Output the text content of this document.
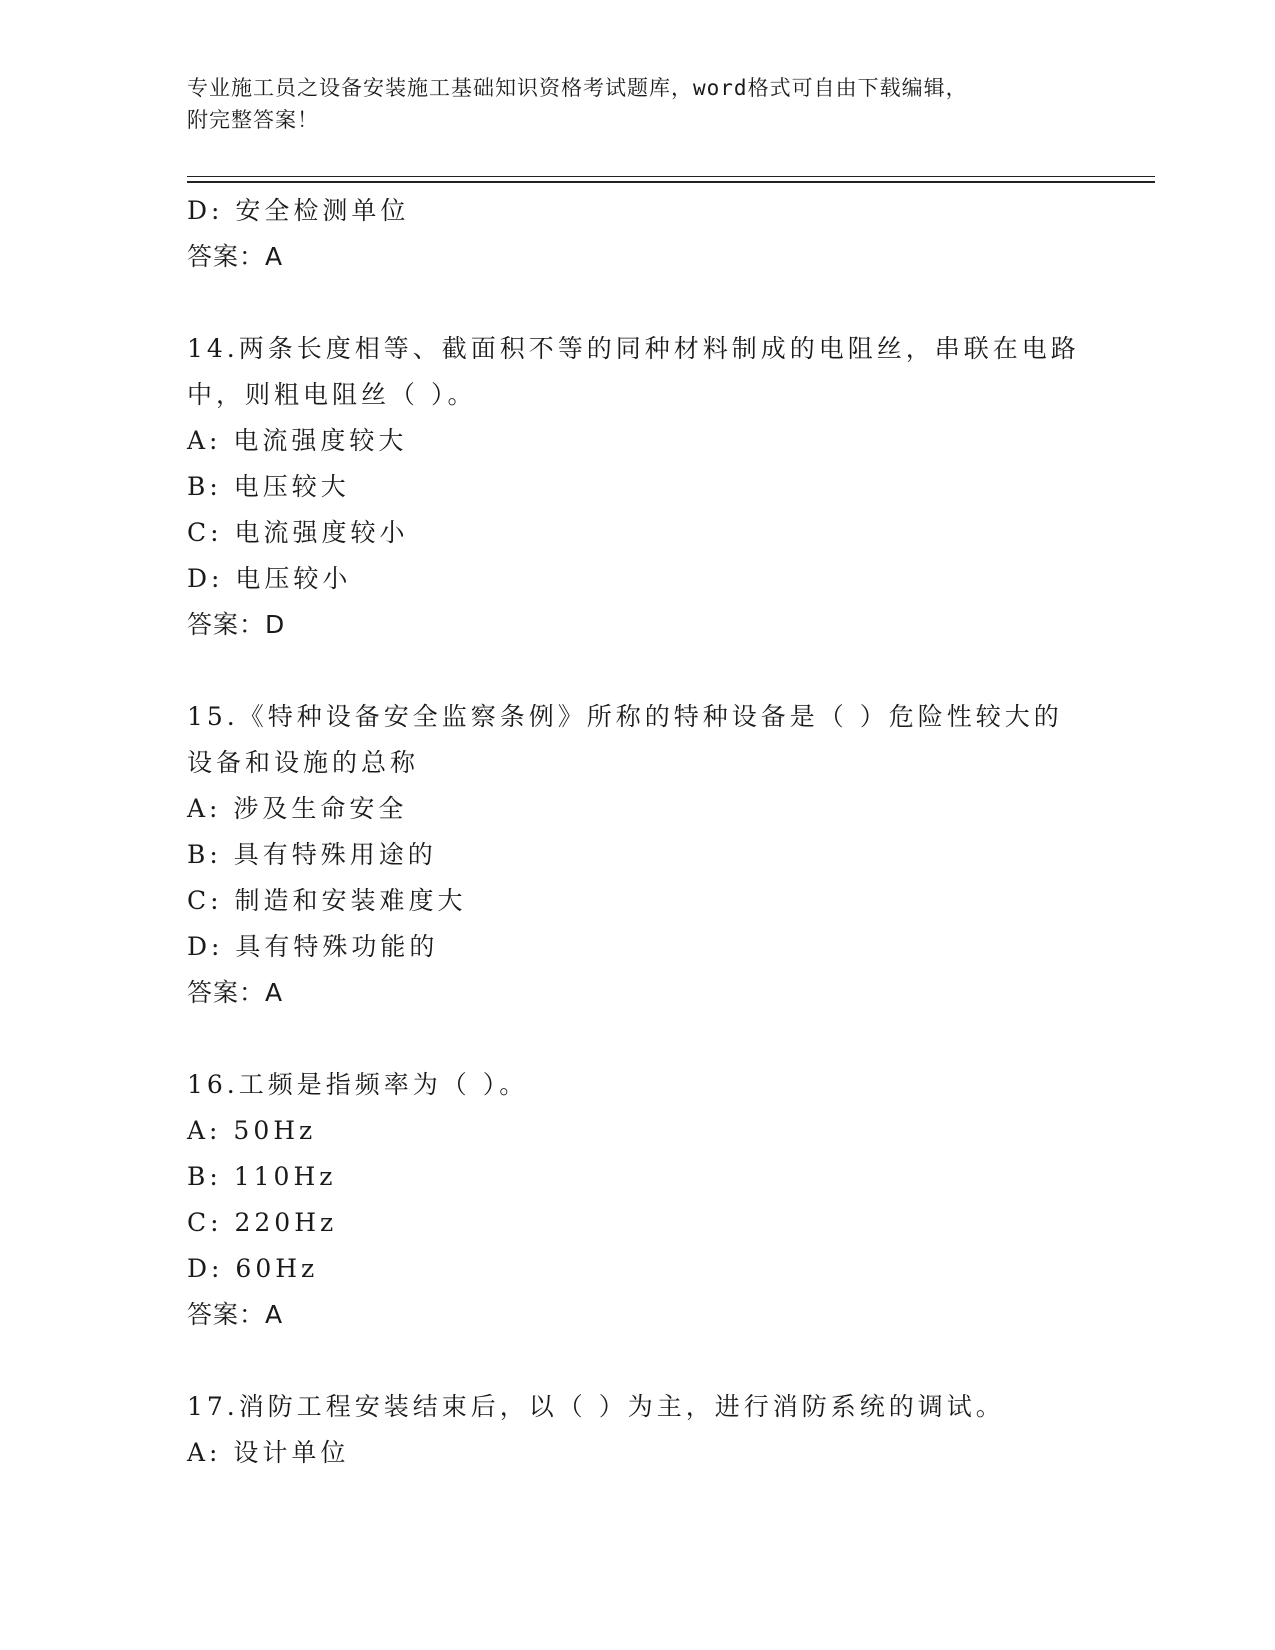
专业施工员之设备安装施工基础知识资格考试题库，word格式可自由下载编辑，
附完整答案！
D: 安全检测单位
答案：A
14.两条长度相等、截面积不等的同种材料制成的电阻丝，串联在电路
中，则粗电阻丝（ ）。
A: 电流强度较大
B: 电压较大
C: 电流强度较小
D: 电压较小
答案：D
15.《特种设备安全监察条例》所称的特种设备是（ ）危险性较大的
设备和设施的总称
A: 涉及生命安全
B: 具有特殊用途的
C: 制造和安装难度大
D: 具有特殊功能的
答案：A
16.工频是指频率为（ ）。
A: 50Hz
B: 110Hz
C: 220Hz
D: 60Hz
答案：A
17.消防工程安装结束后，以（ ）为主，进行消防系统的调试。
A: 设计单位
